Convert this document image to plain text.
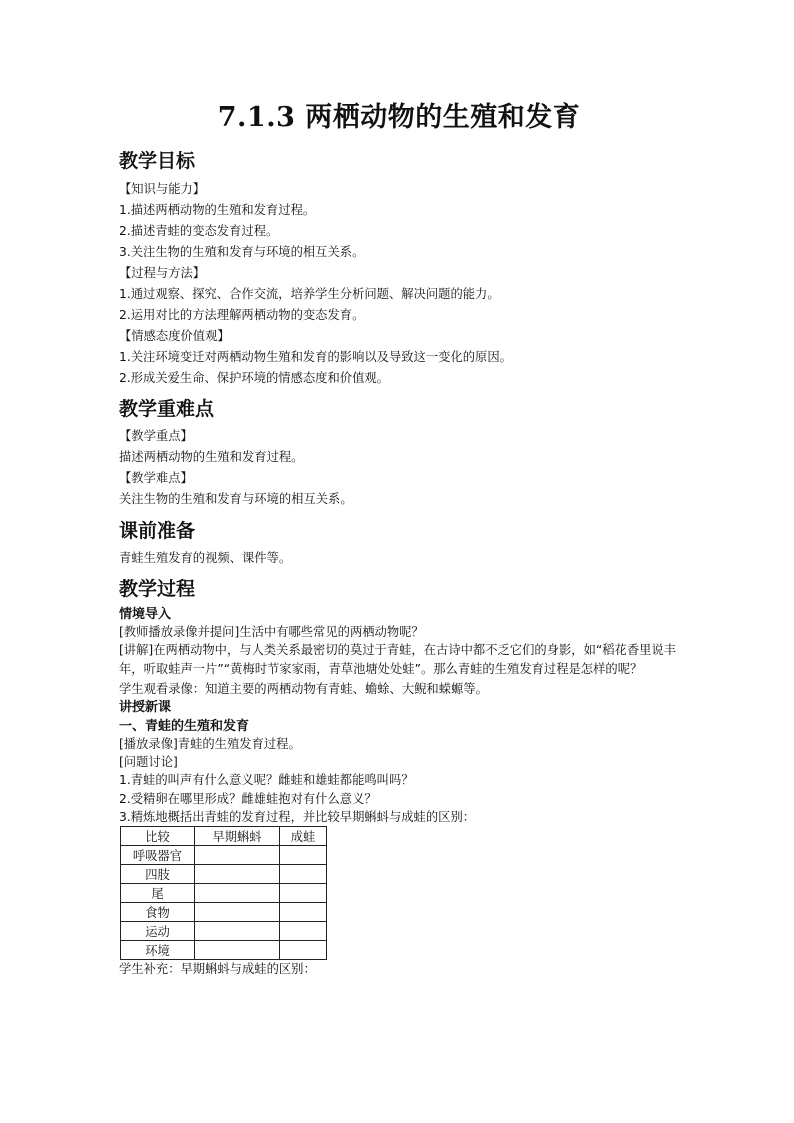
7.1.3 两栖动物的生殖和发育
教学目标
【知识与能力】
1.描述两栖动物的生殖和发育过程。
2.描述青蛙的变态发育过程。
3.关注生物的生殖和发育与环境的相互关系。
【过程与方法】
1.通过观察、探究、合作交流，培养学生分析问题、解决问题的能力。
2.运用对比的方法理解两栖动物的变态发育。
【情感态度价值观】
1.关注环境变迁对两栖动物生殖和发育的影响以及导致这一变化的原因。
2.形成关爱生命、保护环境的情感态度和价值观。
教学重难点
【教学重点】
描述两栖动物的生殖和发育过程。
【教学难点】
关注生物的生殖和发育与环境的相互关系。
课前准备
青蛙生殖发育的视频、课件等。
教学过程
情境导入
[教师播放录像并提问]生活中有哪些常见的两栖动物呢？
[讲解]在两栖动物中，与人类关系最密切的莫过于青蛙，在古诗中都不乏它们的身影，如“稻花香里说丰年，听取蛙声一片”“黄梅时节家家雨，青草池塘处处蛙”。那么青蛙的生殖发育过程是怎样的呢？
学生观看录像：知道主要的两栖动物有青蛙、蟾蜍、大鲵和蝾螈等。
讲授新课
一、青蛙的生殖和发育
[播放录像]青蛙的生殖发育过程。
[问题讨论]
1.青蛙的叫声有什么意义呢？雌蛙和雄蛙都能鸣叫吗？
2.受精卵在哪里形成？雌雄蛙抱对有什么意义？
3.精炼地概括出青蛙的发育过程，并比较早期蝌蚪与成蛙的区别：
比较	早期蝌蚪	成蛙
呼吸器官		
四肢		
尾		
食物		
运动		
环境		
学生补充：早期蝌蚪与成蛙的区别：
